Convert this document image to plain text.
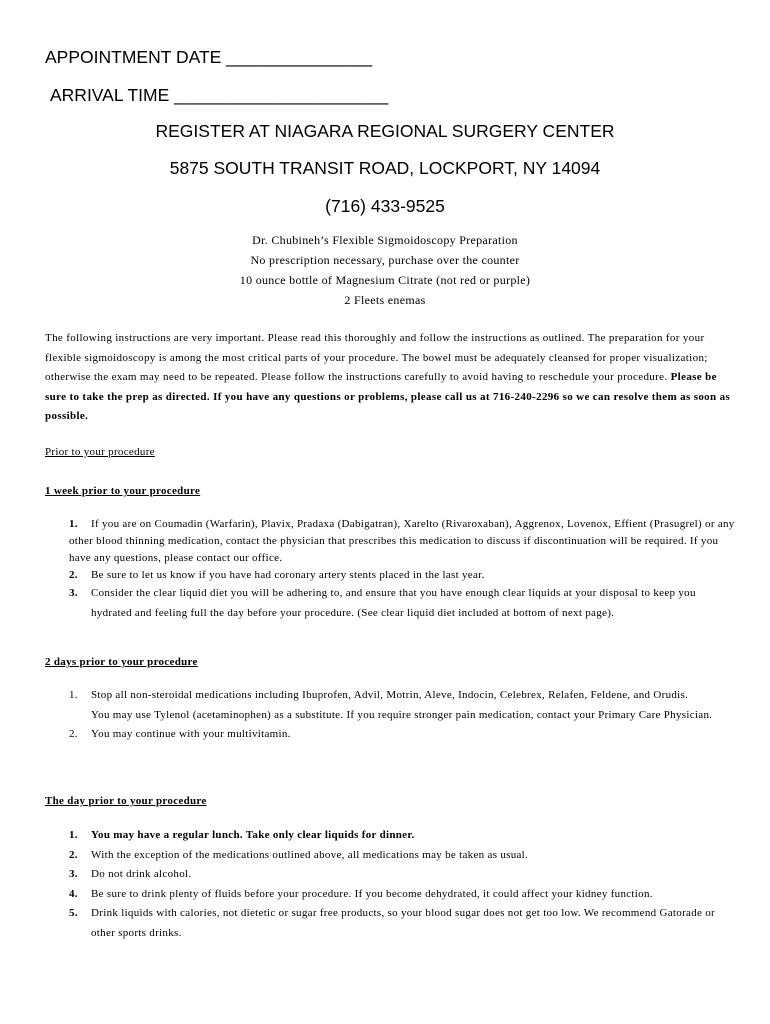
APPOINTMENT DATE _______________
ARRIVAL TIME ______________________
REGISTER AT NIAGARA REGIONAL SURGERY CENTER
5875 SOUTH TRANSIT ROAD, LOCKPORT, NY 14094
(716) 433-9525
Dr. Chubineh’s Flexible Sigmoidoscopy Preparation
No prescription necessary, purchase over the counter
10 ounce bottle of Magnesium Citrate (not red or purple)
2 Fleets enemas
The following instructions are very important. Please read this thoroughly and follow the instructions as outlined. The preparation for your flexible sigmoidoscopy is among the most critical parts of your procedure. The bowel must be adequately cleansed for proper visualization; otherwise the exam may need to be repeated. Please follow the instructions carefully to avoid having to reschedule your procedure. Please be sure to take the prep as directed. If you have any questions or problems, please call us at 716-240-2296 so we can resolve them as soon as possible.
Prior to your procedure
1 week prior to your procedure
1.	If you are on Coumadin (Warfarin), Plavix, Pradaxa (Dabigatran), Xarelto (Rivaroxaban), Aggrenox, Lovenox, Effient (Prasugrel) or any other blood thinning medication, contact the physician that prescribes this medication to discuss if discontinuation will be required. If you have any questions, please contact our office.
2. Be sure to let us know if you have had coronary artery stents placed in the last year.
3. Consider the clear liquid diet you will be adhering to, and ensure that you have enough clear liquids at your disposal to keep you hydrated and feeling full the day before your procedure. (See clear liquid diet included at bottom of next page).
2 days prior to your procedure
1. Stop all non-steroidal medications including Ibuprofen, Advil, Motrin, Aleve, Indocin, Celebrex, Relafen, Feldene, and Orudis.
You may use Tylenol (acetaminophen) as a substitute. If you require stronger pain medication, contact your Primary Care Physician.
2. You may continue with your multivitamin.
The day prior to your procedure
1. You may have a regular lunch. Take only clear liquids for dinner.
2. With the exception of the medications outlined above, all medications may be taken as usual.
3. Do not drink alcohol.
4. Be sure to drink plenty of fluids before your procedure. If you become dehydrated, it could affect your kidney function.
5. Drink liquids with calories, not dietetic or sugar free products, so your blood sugar does not get too low. We recommend Gatorade or other sports drinks.
